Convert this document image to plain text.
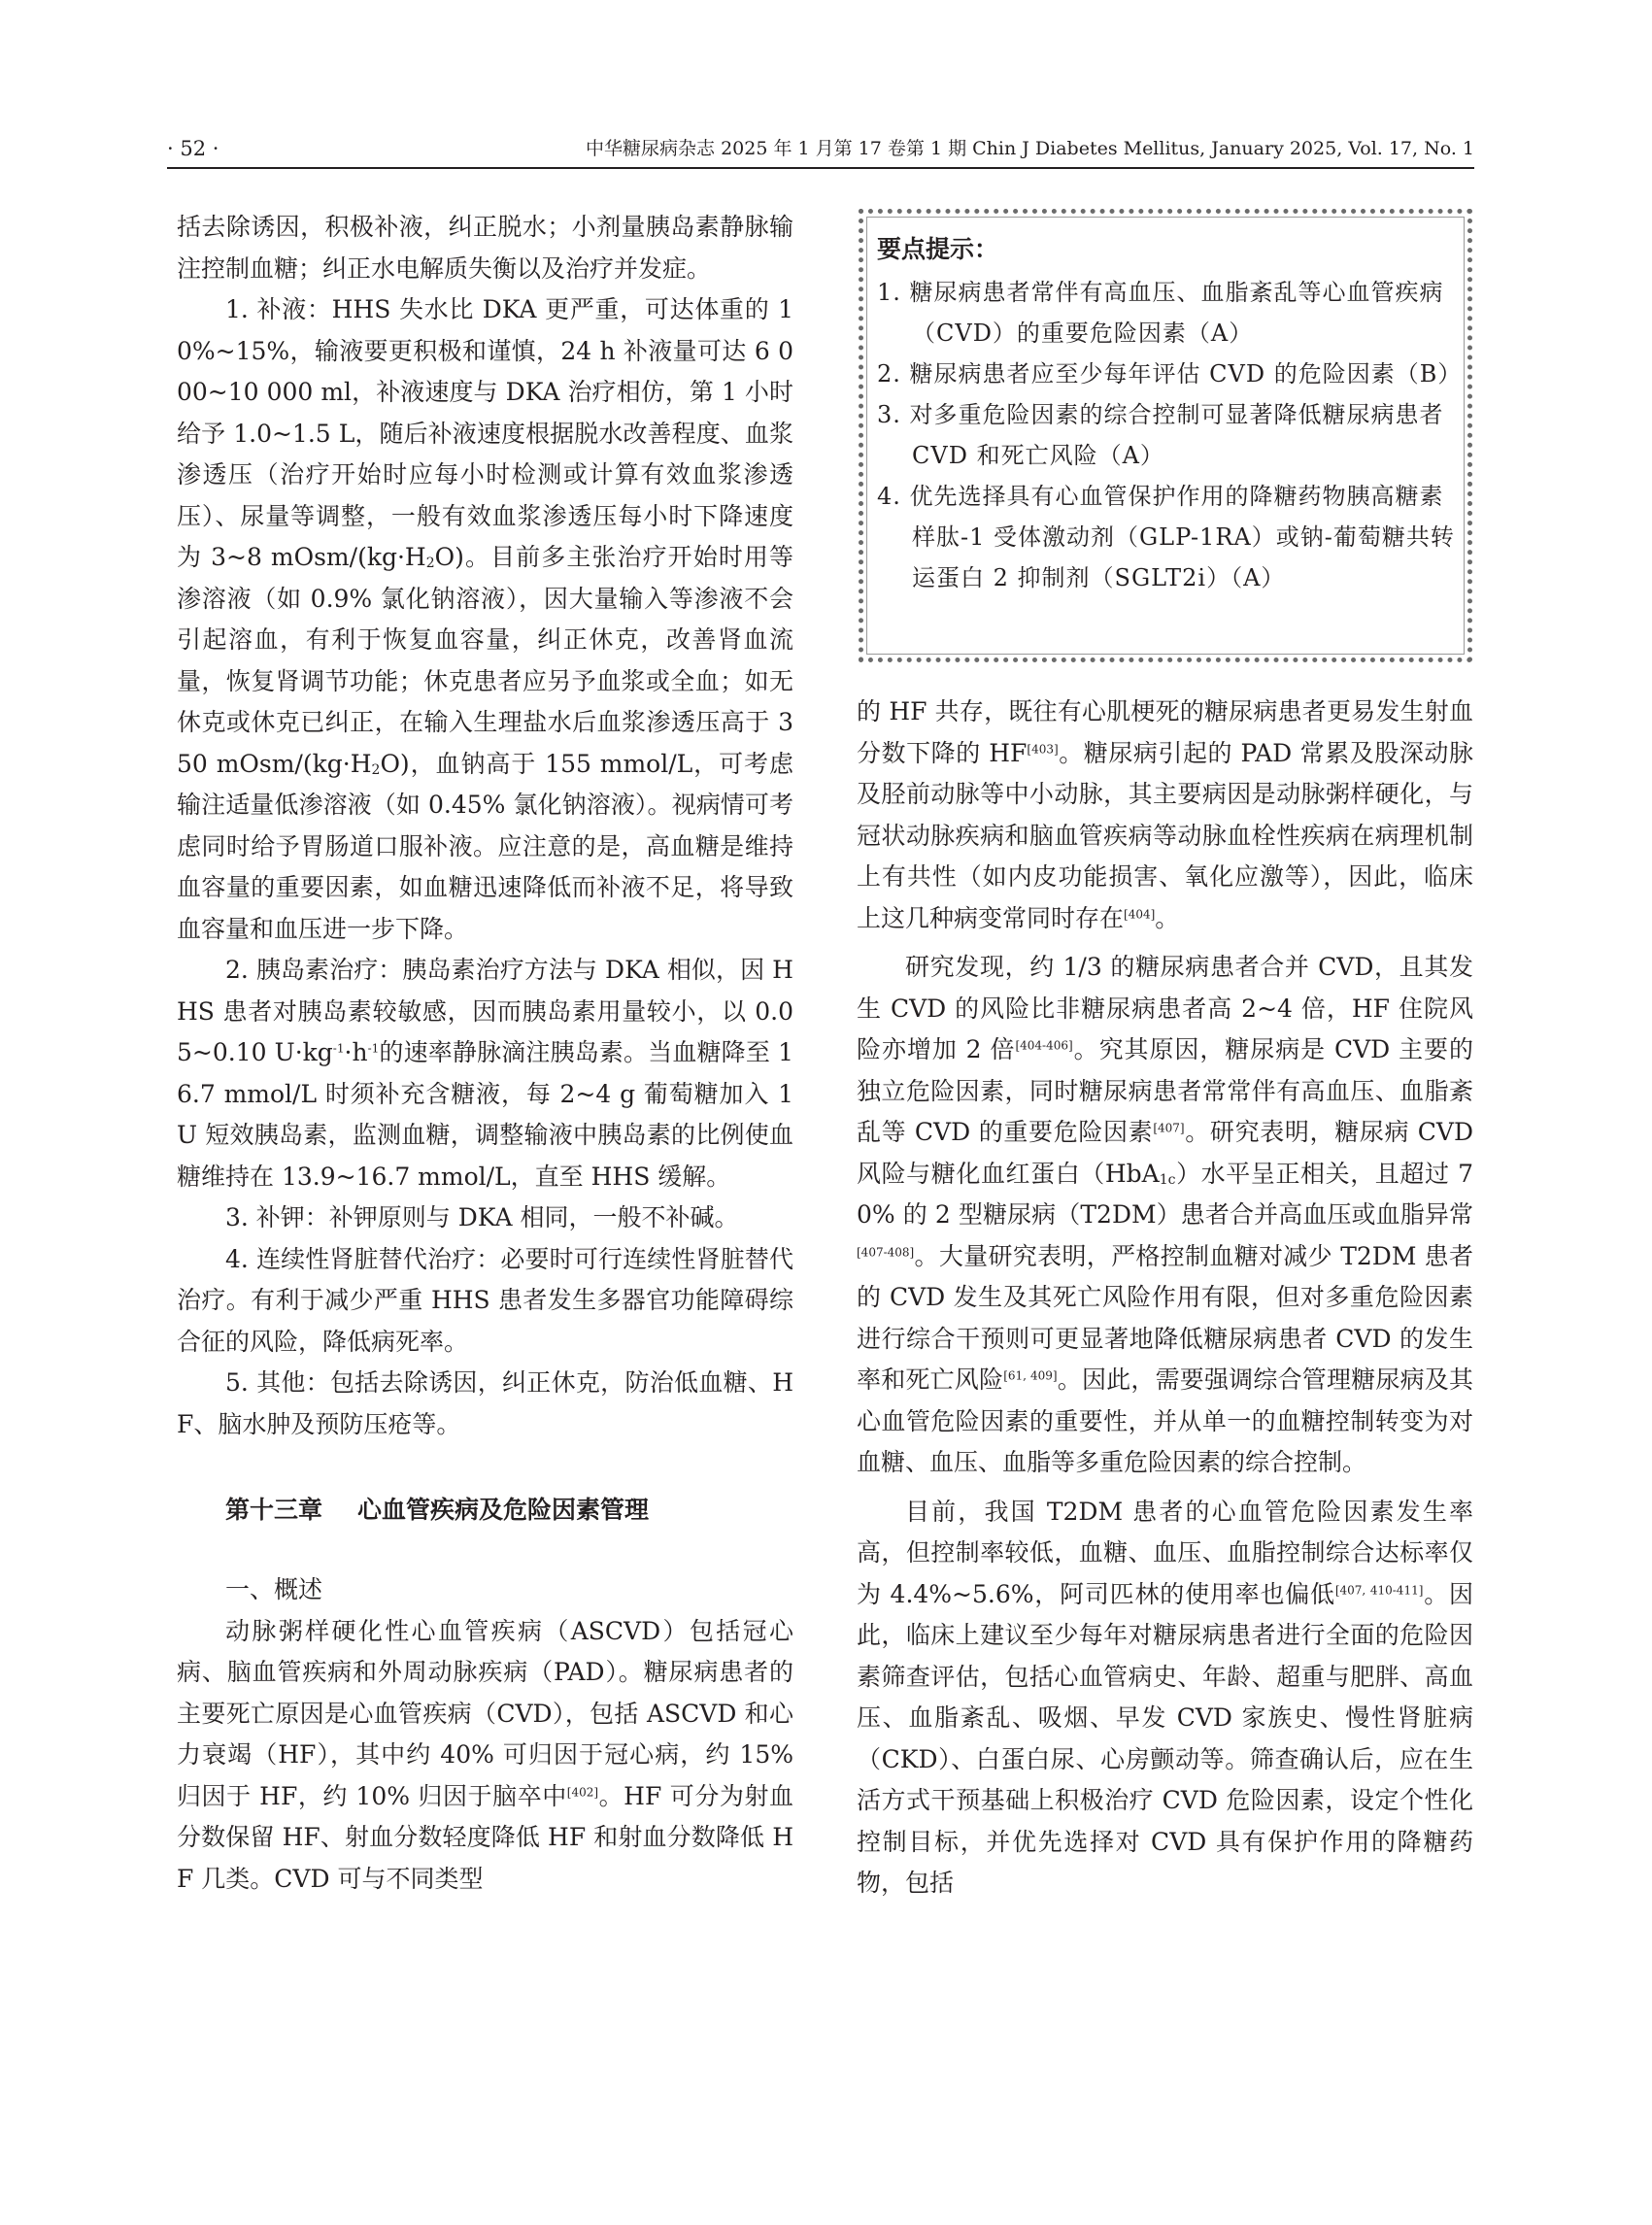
· 52 ·	中华糖尿病杂志 2025 年 1 月第 17 卷第 1 期 Chin J Diabetes Mellitus, January 2025, Vol. 17, No. 1

括去除诱因，积极补液，纠正脱水；小剂量胰岛素静脉输注控制血糖；纠正水电解质失衡以及治疗并发症。

1. 补液：HHS 失水比 DKA 更严重，可达体重的 10%~15%，输液要更积极和谨慎，24 h 补液量可达 6 000~10 000 ml，补液速度与 DKA 治疗相仿，第 1 小时给予 1.0~1.5 L，随后补液速度根据脱水改善程度、血浆渗透压（治疗开始时应每小时检测或计算有效血浆渗透压）、尿量等调整，一般有效血浆渗透压每小时下降速度为 3~8 mOsm/$(kg\cdot H_2O)$。目前多主张治疗开始时用等渗溶液（如 0.9% 氯化钠溶液），因大量输入等渗液不会引起溶血，有利于恢复血容量，纠正休克，改善肾血流量，恢复肾调节功能；休克患者应另予血浆或全血；如无休克或休克已纠正，在输入生理盐水后血浆渗透压高于 350 mOsm/$(kg\cdot H_2O)$，血钠高于 155 mmol/L，可考虑输注适量低渗溶液（如 0.45% 氯化钠溶液）。视病情可考虑同时给予胃肠道口服补液。应注意的是，高血糖是维持血容量的重要因素，如血糖迅速降低而补液不足，将导致血容量和血压进一步下降。

2. 胰岛素治疗：胰岛素治疗方法与 DKA 相似，因 HHS 患者对胰岛素较敏感，因而胰岛素用量较小，以 0.05~0.10 $U\cdot kg^{-1}\cdot h^{-1}$的速率静脉滴注胰岛素。当血糖降至 16.7 mmol/L 时须补充含糖液，每 2~4 g 葡萄糖加入 1 U 短效胰岛素，监测血糖，调整输液中胰岛素的比例使血糖维持在 13.9~16.7 mmol/L，直至 HHS 缓解。

3. 补钾：补钾原则与 DKA 相同，一般不补碱。

4. 连续性肾脏替代治疗：必要时可行连续性肾脏替代治疗。有利于减少严重 HHS 患者发生多器官功能障碍综合征的风险，降低病死率。

5. 其他：包括去除诱因，纠正休克，防治低血糖、HF、脑水肿及预防压疮等。

第十三章 心血管疾病及危险因素管理

一、概述

动脉粥样硬化性心血管疾病（ASCVD）包括冠心病、脑血管疾病和外周动脉疾病（PAD）。糖尿病患者的主要死亡原因是心血管疾病（CVD），包括 ASCVD 和心力衰竭（HF），其中约 40% 可归因于冠心病，约 15% 归因于 HF，约 10% 归因于脑卒中[402]。HF 可分为射血分数保留 HF、射血分数轻度降低 HF 和射血分数降低 HF 几类。CVD 可与不同类型

要点提示：
1. 糖尿病患者常伴有高血压、血脂紊乱等心血管疾病（CVD）的重要危险因素（A）
2. 糖尿病患者应至少每年评估 CVD 的危险因素（B）
3. 对多重危险因素的综合控制可显著降低糖尿病患者 CVD 和死亡风险（A）
4. 优先选择具有心血管保护作用的降糖药物胰高糖素样肽-1 受体激动剂（GLP-1RA）或钠-葡萄糖共转运蛋白 2 抑制剂（SGLT2i）（A）

的 HF 共存，既往有心肌梗死的糖尿病患者更易发生射血分数下降的 HF[403]。糖尿病引起的 PAD 常累及股深动脉及胫前动脉等中小动脉，其主要病因是动脉粥样硬化，与冠状动脉疾病和脑血管疾病等动脉血栓性疾病在病理机制上有共性（如内皮功能损害、氧化应激等），因此，临床上这几种病变常同时存在[404]。

研究发现，约 1/3 的糖尿病患者合并 CVD，且其发生 CVD 的风险比非糖尿病患者高 2~4 倍，HF 住院风险亦增加 2 倍[404-406]。究其原因，糖尿病是 CVD 主要的独立危险因素，同时糖尿病患者常常伴有高血压、血脂紊乱等 CVD 的重要危险因素[407]。研究表明，糖尿病 CVD 风险与糖化血红蛋白（HbA$_{1c}$）水平呈正相关，且超过 70% 的 2 型糖尿病（T2DM）患者合并高血压或血脂异常[407-408]。大量研究表明，严格控制血糖对减少 T2DM 患者的 CVD 发生及其死亡风险作用有限，但对多重危险因素进行综合干预则可更显著地降低糖尿病患者 CVD 的发生率和死亡风险[61, 409]。因此，需要强调综合管理糖尿病及其心血管危险因素的重要性，并从单一的血糖控制转变为对血糖、血压、血脂等多重危险因素的综合控制。

目前，我国 T2DM 患者的心血管危险因素发生率高，但控制率较低，血糖、血压、血脂控制综合达标率仅为 4.4%~5.6%，阿司匹林的使用率也偏低[407, 410-411]。因此，临床上建议至少每年对糖尿病患者进行全面的危险因素筛查评估，包括心血管病史、年龄、超重与肥胖、高血压、血脂紊乱、吸烟、早发 CVD 家族史、慢性肾脏病（CKD）、白蛋白尿、心房颤动等。筛查确认后，应在生活方式干预基础上积极治疗 CVD 危险因素，设定个性化控制目标，并优先选择对 CVD 具有保护作用的降糖药物，包括
